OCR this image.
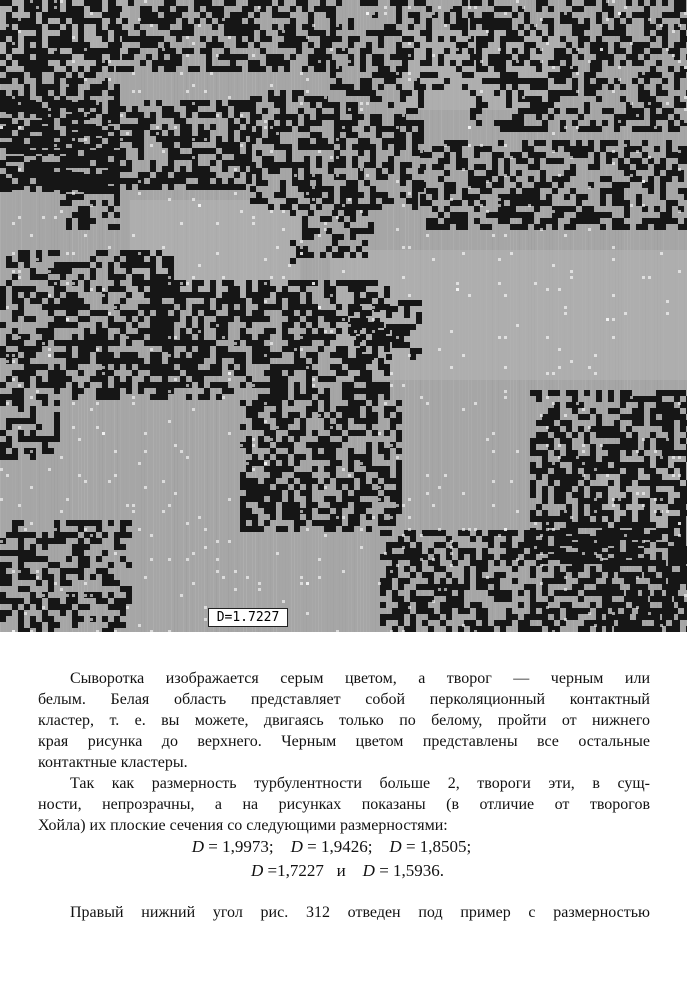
D=1.7227
Сыворотка изображается серым цветом, а творог — черным или
белым. Белая область представляет собой перколяционный контактный
кластер, т. е. вы можете, двигаясь только по белому, пройти от нижнего
края рисунка до верхнего. Черным цветом представлены все остальные
контактные кластеры.
Так как размерность турбулентности больше 2, твороги эти, в сущ-
ности, непрозрачны, а на рисунках показаны (в отличие от творогов
Хойла) их плоские сечения со следующими размерностями:
D = 1,9973; D = 1,9426; D = 1,8505;
D =1,7227 и D = 1,5936.
Правый нижний угол рис. 312 отведен под пример с размерностью
